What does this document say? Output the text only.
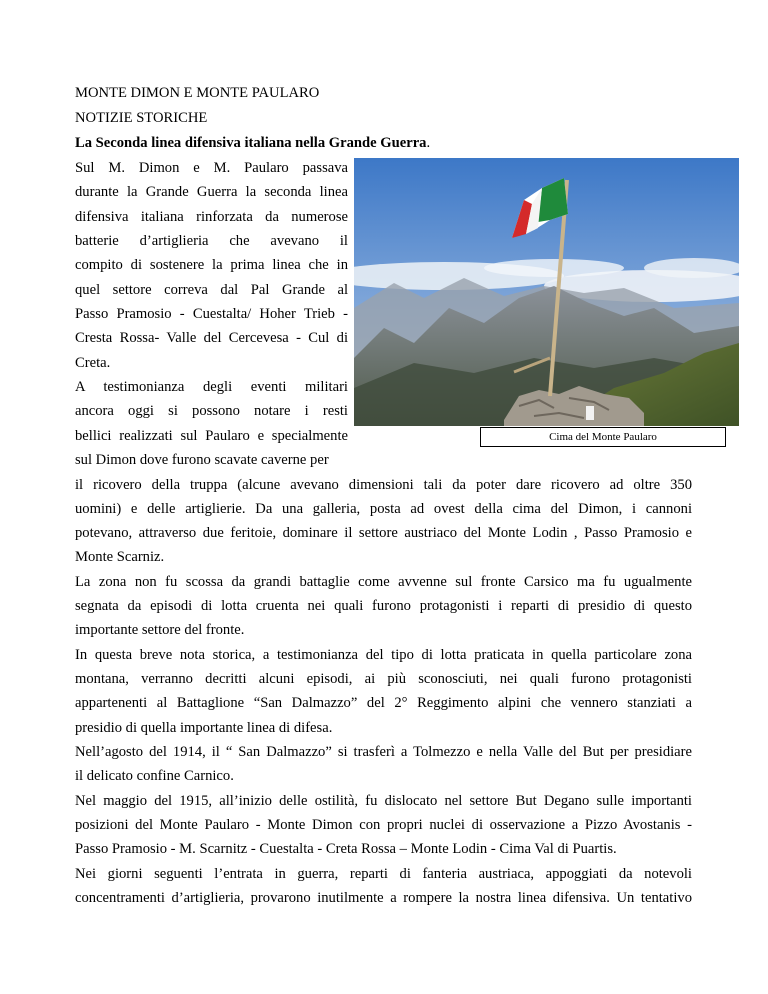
MONTE DIMON E MONTE PAULARO
NOTIZIE STORICHE
La Seconda linea difensiva italiana nella Grande Guerra.
Sul M. Dimon e M. Paularo passava
durante la Grande Guerra la seconda linea
difensiva italiana rinforzata da numerose
batterie d’artiglieria che avevano il
compito di sostenere la prima linea che in
quel settore correva dal Pal Grande al
Passo Pramosio - Cuestalta/ Hoher Trieb -
Cresta Rossa- Valle del Cercevesa - Cul di
Creta.
A testimonianza degli eventi militari
ancora oggi si possono notare i resti
bellici realizzati sul Paularo e specialmente
sul Dimon dove furono scavate caverne per
il ricovero della truppa (alcune avevano dimensioni tali da poter dare ricovero ad oltre 350
uomini) e delle artiglierie. Da una galleria, posta ad ovest della cima del Dimon, i cannoni
potevano, attraverso due feritoie, dominare il settore austriaco del Monte Lodin , Passo Pramosio e
Monte Scarniz.
La zona non fu scossa da grandi battaglie come avvenne sul fronte Carsico ma fu ugualmente
segnata da episodi di lotta cruenta nei quali furono protagonisti i reparti di presidio di questo
importante settore del fronte.
In questa breve nota storica, a testimonianza del tipo di lotta praticata in quella particolare zona
montana, verranno decritti alcuni episodi, ai più sconosciuti, nei quali furono protagonisti
appartenenti al Battaglione “San Dalmazzo” del 2° Reggimento alpini che vennero stanziati a
presidio di quella importante linea di difesa.
Nell’agosto del 1914, il “ San Dalmazzo” si trasferì a Tolmezzo e nella Valle del But per presidiare
il delicato confine Carnico.
Nel maggio del 1915, all’inizio delle ostilità, fu dislocato nel settore But Degano sulle importanti
posizioni del Monte Paularo - Monte Dimon con propri nuclei di osservazione a Pizzo Avostanis -
Passo Pramosio - M. Scarnitz - Cuestalta - Creta Rossa – Monte Lodin - Cima Val di Puartis.
Nei giorni seguenti l’entrata in guerra, reparti di fanteria austriaca, appoggiati da notevoli
concentramenti d’artiglieria, provarono inutilmente a rompere la nostra linea difensiva. Un tentativo
Cima del Monte Paularo
